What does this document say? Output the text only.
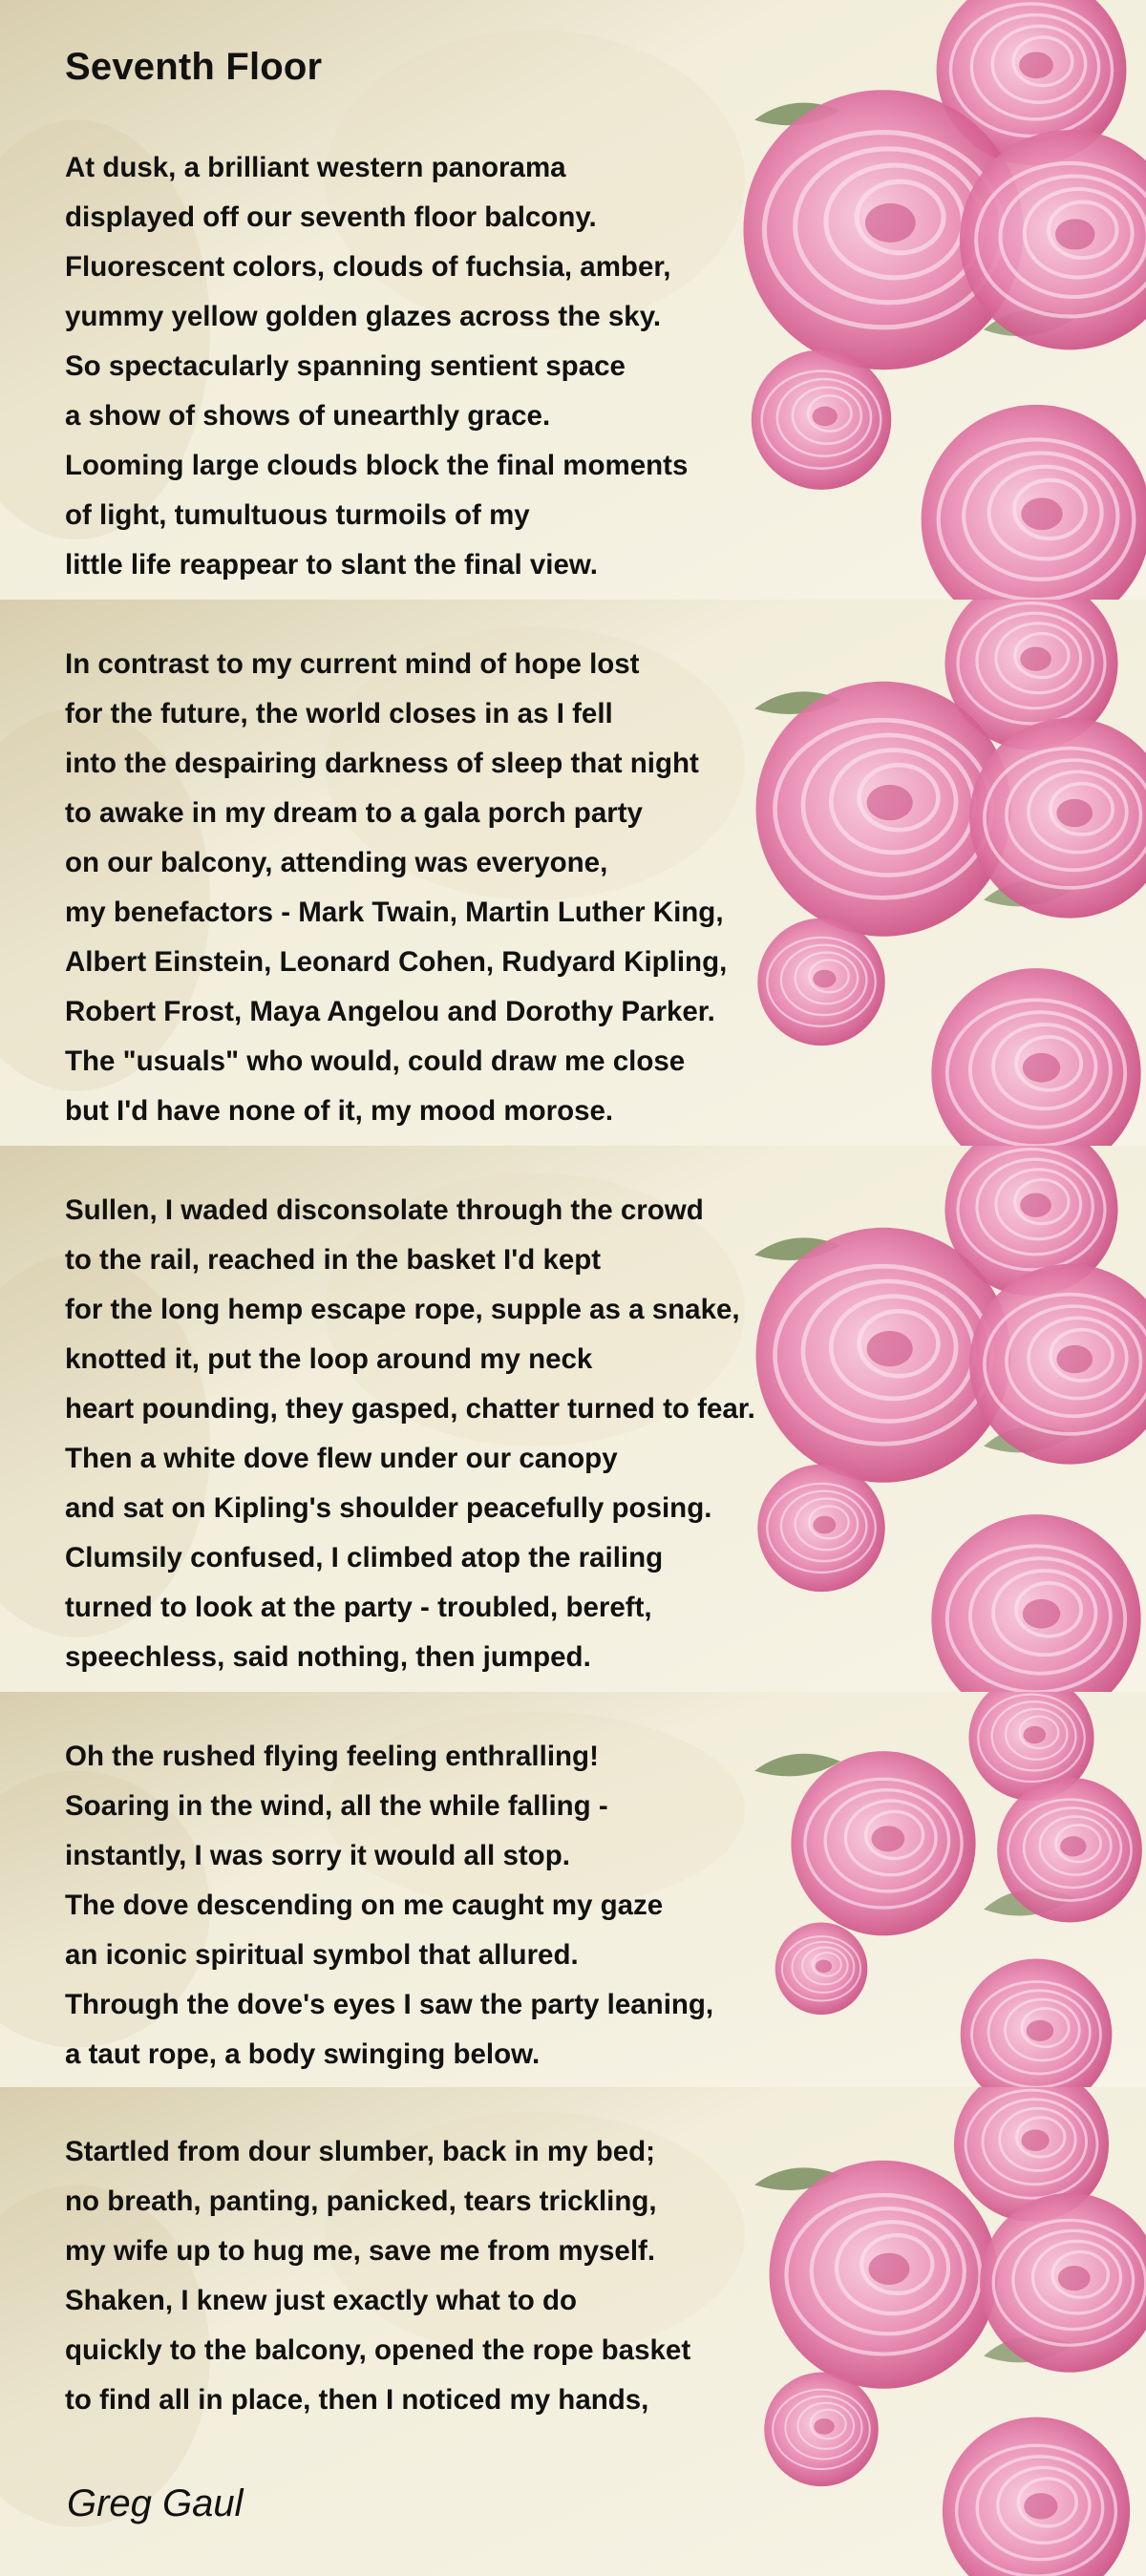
Seventh Floor
At dusk, a brilliant western panorama
displayed off our seventh floor balcony.
Fluorescent colors, clouds of fuchsia, amber,
yummy yellow golden glazes across the sky.
So spectacularly spanning sentient space
a show of shows of unearthly grace.
Looming large clouds block the final moments
of light, tumultuous turmoils of my
little life reappear to slant the final view.
In contrast to my current mind of hope lost
for the future, the world closes in as I fell
into the despairing darkness of sleep that night
to awake in my dream to a gala porch party
on our balcony, attending was everyone,
my benefactors - Mark Twain, Martin Luther King,
Albert Einstein, Leonard Cohen, Rudyard Kipling,
Robert Frost, Maya Angelou and Dorothy Parker.
The "usuals" who would, could draw me close
but I'd have none of it, my mood morose.
Sullen, I waded disconsolate through the crowd
to the rail, reached in the basket I'd kept
for the long hemp escape rope, supple as a snake,
knotted it, put the loop around my neck
heart pounding, they gasped, chatter turned to fear.
Then a white dove flew under our canopy
and sat on Kipling's shoulder peacefully posing.
Clumsily confused, I climbed atop the railing
turned to look at the party - troubled, bereft,
speechless, said nothing, then jumped.
Oh the rushed flying feeling enthralling!
Soaring in the wind, all the while falling -
instantly, I was sorry it would all stop.
The dove descending on me caught my gaze
an iconic spiritual symbol that allured.
Through the dove's eyes I saw the party leaning,
a taut rope, a body swinging below.
Startled from dour slumber, back in my bed;
no breath, panting, panicked, tears trickling,
my wife up to hug me, save me from myself.
Shaken, I knew just exactly what to do
quickly to the balcony, opened the rope basket
to find all in place, then I noticed my hands,
Greg Gaul
